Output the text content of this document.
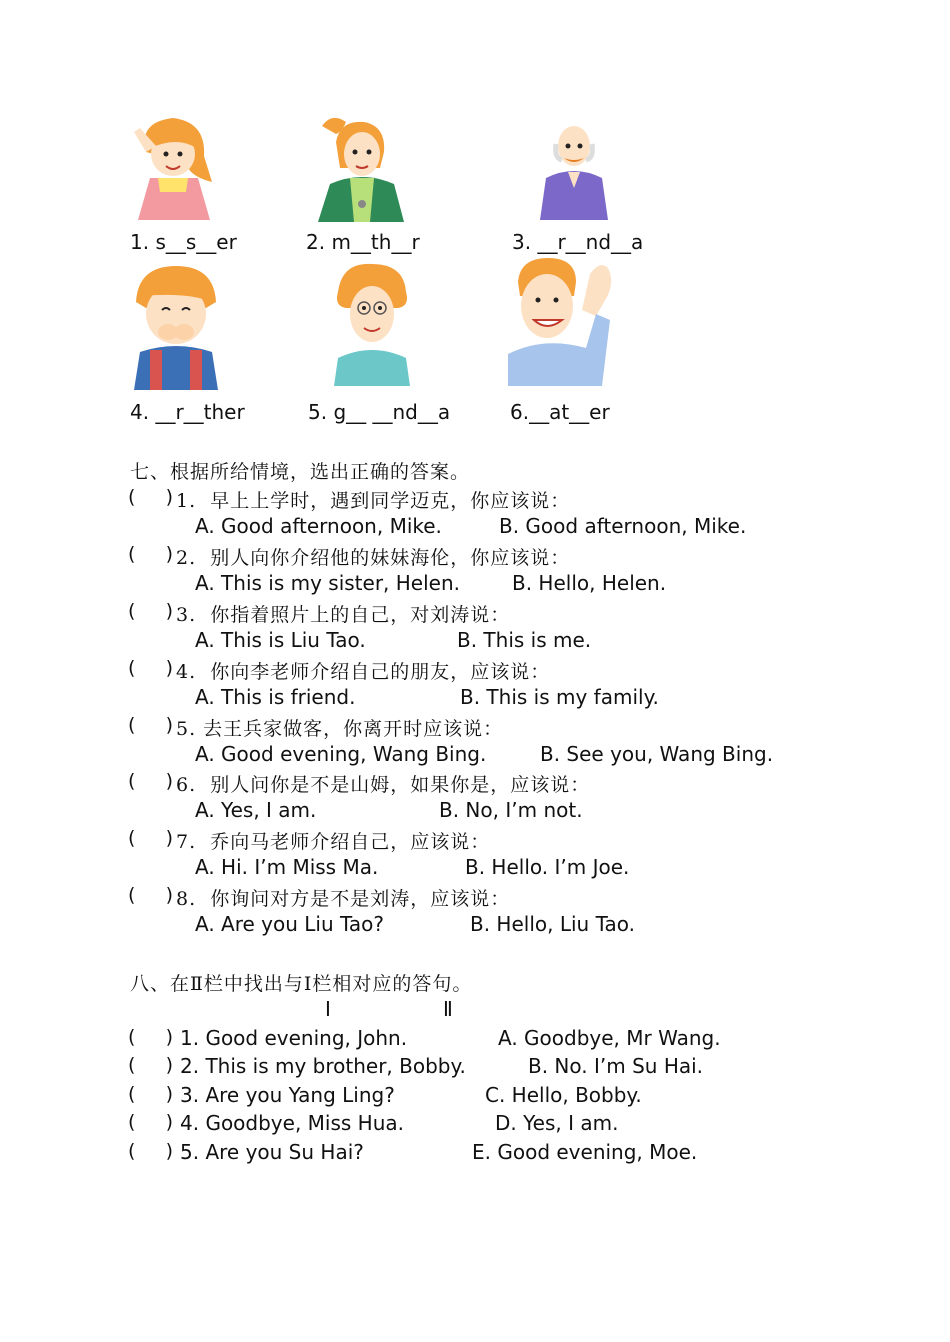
1. s__s__er	2. m__th__r	3. __r__nd__a
4. __r__ther	5. g__ __nd__a	6.__at__er
七、根据所给情境，选出正确的答案。
(     ) 1.  早上上学时，遇到同学迈克，你应该说：
A. Good afternoon, Mike.	B. Good afternoon, Mike.
(     ) 2.  别人向你介绍他的妹妹海伦，你应该说：
A. This is my sister, Helen.	B. Hello, Helen.
(     ) 3.  你指着照片上的自己，对刘涛说：
A. This is Liu Tao.	B. This is me.
(     ) 4.  你向李老师介绍自己的朋友，应该说：
A. This is friend.	B. This is my family.
(     ) 5. 去王兵家做客，你离开时应该说：
A. Good evening, Wang Bing.	B. See you, Wang Bing.
(     ) 6.  别人问你是不是山姆，如果你是，应该说：
A. Yes, I am.	B. No, I’m not.
(     ) 7.  乔向马老师介绍自己，应该说：
A. Hi. I’m Miss Ma.	B. Hello. I’m Joe.
(     ) 8.  你询问对方是不是刘涛，应该说：
A. Are you Liu Tao?	B. Hello, Liu Tao.
八、在Ⅱ栏中找出与Ⅰ栏相对应的答句。
Ⅰ	Ⅱ
(     ) 1. Good evening, John.	A. Goodbye, Mr Wang.
(     ) 2. This is my brother, Bobby.	B. No. I’m Su Hai.
(     ) 3. Are you Yang Ling?	C. Hello, Bobby.
(     ) 4. Goodbye, Miss Hua.	D. Yes, I am.
(     ) 5. Are you Su Hai?	E. Good evening, Moe.
